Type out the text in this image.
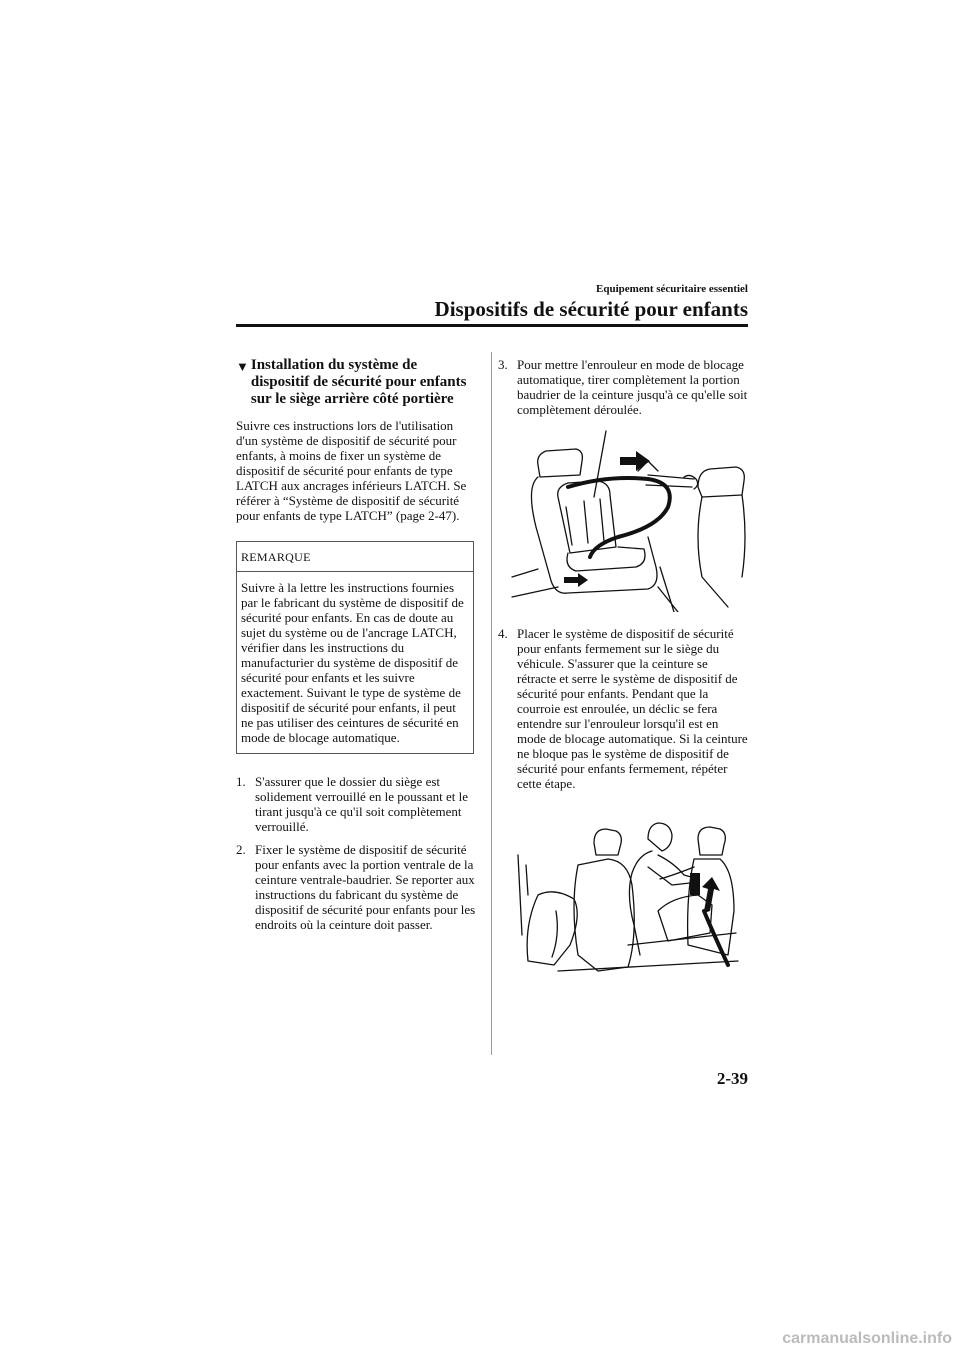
Equipement sécuritaire essentiel
Dispositifs de sécurité pour enfants
▼ Installation du système de dispositif de sécurité pour enfants sur le siège arrière côté portière
Suivre ces instructions lors de l'utilisation d'un système de dispositif de sécurité pour enfants, à moins de fixer un système de dispositif de sécurité pour enfants de type LATCH aux ancrages inférieurs LATCH. Se référer à “Système de dispositif de sécurité pour enfants de type LATCH” (page 2-47).
REMARQUE
Suivre à la lettre les instructions fournies par le fabricant du système de dispositif de sécurité pour enfants. En cas de doute au sujet du système ou de l'ancrage LATCH, vérifier dans les instructions du manufacturier du système de dispositif de sécurité pour enfants et les suivre exactement. Suivant le type de système de dispositif de sécurité pour enfants, il peut ne pas utiliser des ceintures de sécurité en mode de blocage automatique.
1. S'assurer que le dossier du siège est solidement verrouillé en le poussant et le tirant jusqu'à ce qu'il soit complètement verrouillé.
2. Fixer le système de dispositif de sécurité pour enfants avec la portion ventrale de la ceinture ventrale-baudrier. Se reporter aux instructions du fabricant du système de dispositif de sécurité pour enfants pour les endroits où la ceinture doit passer.
3. Pour mettre l'enrouleur en mode de blocage automatique, tirer complètement la portion baudrier de la ceinture jusqu'à ce qu'elle soit complètement déroulée.
4. Placer le système de dispositif de sécurité pour enfants fermement sur le siège du véhicule. S'assurer que la ceinture se rétracte et serre le système de dispositif de sécurité pour enfants. Pendant que la courroie est enroulée, un déclic se fera entendre sur l'enrouleur lorsqu'il est en mode de blocage automatique. Si la ceinture ne bloque pas le système de dispositif de sécurité pour enfants fermement, répéter cette étape.
2-39
carmanualsonline.info
